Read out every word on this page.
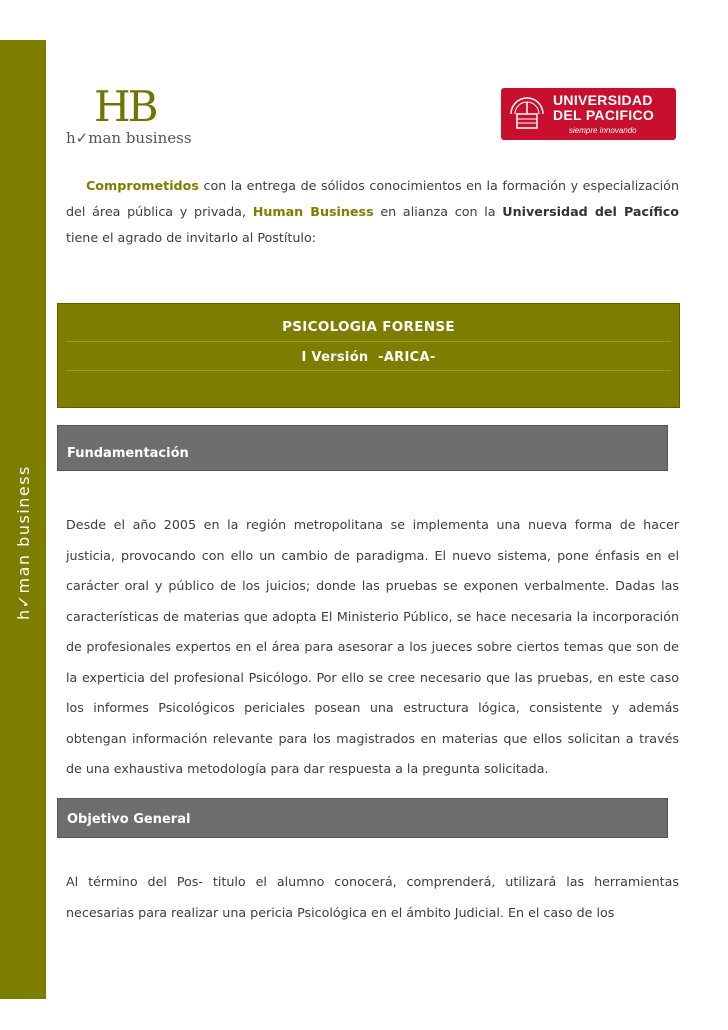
h✓man business
HB
h✓man business
UNIVERSIDAD
DEL PACIFICO
siempre innovando
Comprometidos con la entrega de sólidos conocimientos en la formación y especialización del área pública y privada, Human Business en alianza con la Universidad del Pacífico tiene el agrado de invitarlo al Postítulo:
PSICOLOGIA FORENSE
I Versión  -ARICA-
Fundamentación
Desde el año 2005 en la región metropolitana se implementa una nueva forma de hacer justicia, provocando con ello un cambio de paradigma. El nuevo sistema, pone énfasis en el carácter oral y público de los juicios; donde las pruebas se exponen verbalmente. Dadas las características de materias que adopta El Ministerio Público, se hace necesaria la incorporación de profesionales expertos en el área para asesorar a los jueces sobre ciertos temas que son de la experticia del profesional Psicólogo. Por ello se cree necesario que las pruebas, en este caso los informes Psicológicos periciales posean una estructura lógica, consistente y además obtengan información relevante para los magistrados en materias que ellos solicitan a través de una exhaustiva metodología para dar respuesta a la pregunta solicitada.
Objetivo General
Al término del Pos- titulo el alumno conocerá, comprenderá, utilizará las herramientas necesarias para realizar una pericia Psicológica en el ámbito Judicial. En el caso de los
